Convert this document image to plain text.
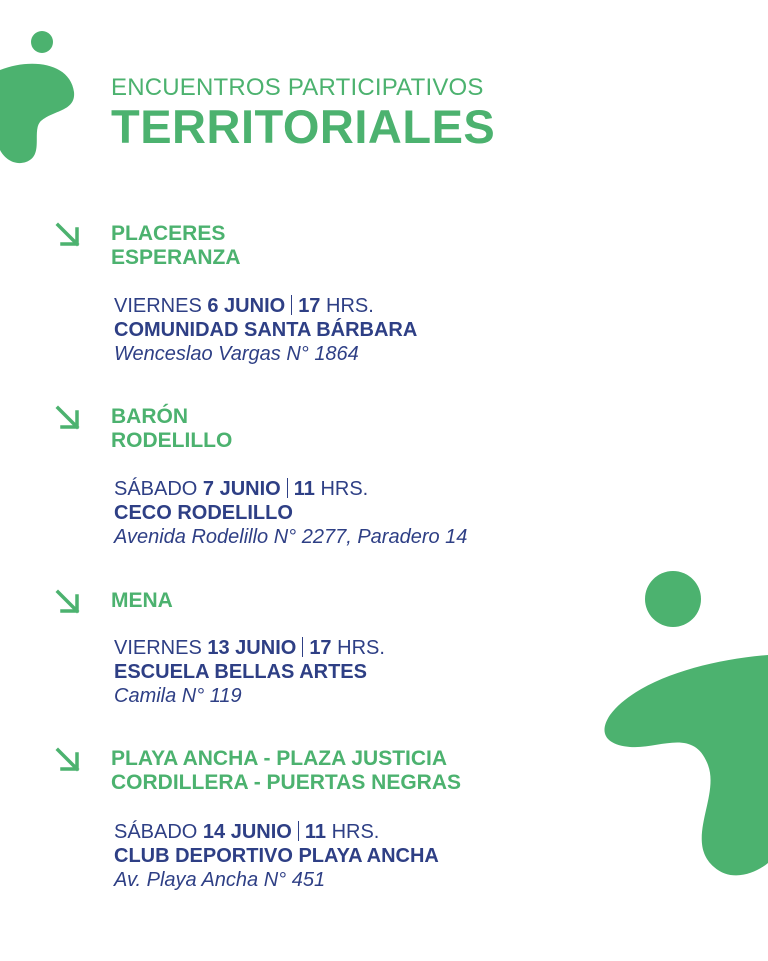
ENCUENTROS PARTICIPATIVOS
TERRITORIALES
PLACERES
ESPERANZA
VIERNES 6 JUNIO 17 HRS.
COMUNIDAD SANTA BÁRBARA
Wenceslao Vargas N° 1864
BARÓN
RODELILLO
SÁBADO 7 JUNIO 11 HRS.
CECO RODELILLO
Avenida Rodelillo N° 2277, Paradero 14
MENA
VIERNES 13 JUNIO 17 HRS.
ESCUELA BELLAS ARTES
Camila N° 119
PLAYA ANCHA - PLAZA JUSTICIA
CORDILLERA - PUERTAS NEGRAS
SÁBADO 14 JUNIO 11 HRS.
CLUB DEPORTIVO PLAYA ANCHA
Av. Playa Ancha N° 451
